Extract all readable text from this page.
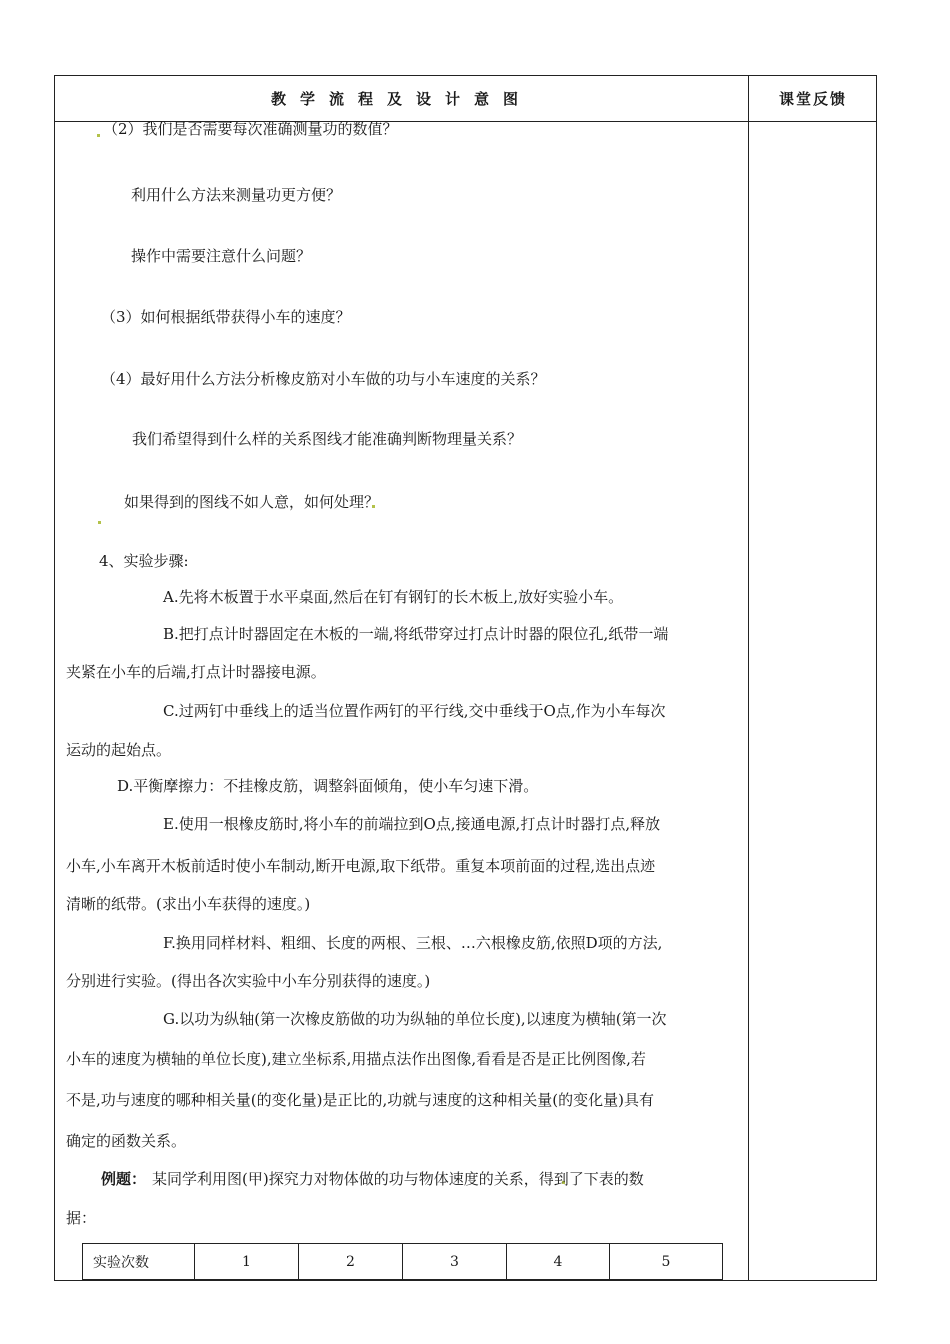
教学流程及设计意图	课堂反馈
（2）我们是否需要每次准确测量功的数值？
利用什么方法来测量功更方便？
操作中需要注意什么问题？
（3）如何根据纸带获得小车的速度？
（4）最好用什么方法分析橡皮筋对小车做的功与小车速度的关系？
我们希望得到什么样的关系图线才能准确判断物理量关系？
如果得到的图线不如人意，如何处理？
4、实验步骤:
A.先将木板置于水平桌面,然后在钉有钢钉的长木板上,放好实验小车。
B.把打点计时器固定在木板的一端,将纸带穿过打点计时器的限位孔,纸带一端
夹紧在小车的后端,打点计时器接电源。
C.过两钉中垂线上的适当位置作两钉的平行线,交中垂线于O点,作为小车每次
运动的起始点。
D.平衡摩擦力：不挂橡皮筋，调整斜面倾角，使小车匀速下滑。
E.使用一根橡皮筋时,将小车的前端拉到O点,接通电源,打点计时器打点,释放
小车,小车离开木板前适时使小车制动,断开电源,取下纸带。重复本项前面的过程,选出点迹
清晰的纸带。(求出小车获得的速度。)
F.换用同样材料、粗细、长度的两根、三根、…六根橡皮筋,依照D项的方法,
分别进行实验。(得出各次实验中小车分别获得的速度。)
G.以功为纵轴(第一次橡皮筋做的功为纵轴的单位长度),以速度为横轴(第一次
小车的速度为横轴的单位长度),建立坐标系,用描点法作出图像,看看是否是正比例图像,若
不是,功与速度的哪种相关量(的变化量)是正比的,功就与速度的这种相关量(的变化量)具有
确定的函数关系。
例题： 某同学利用图(甲)探究力对物体做的功与物体速度的关系，得到了下表的数
据：
实验次数	1	2	3	4	5
